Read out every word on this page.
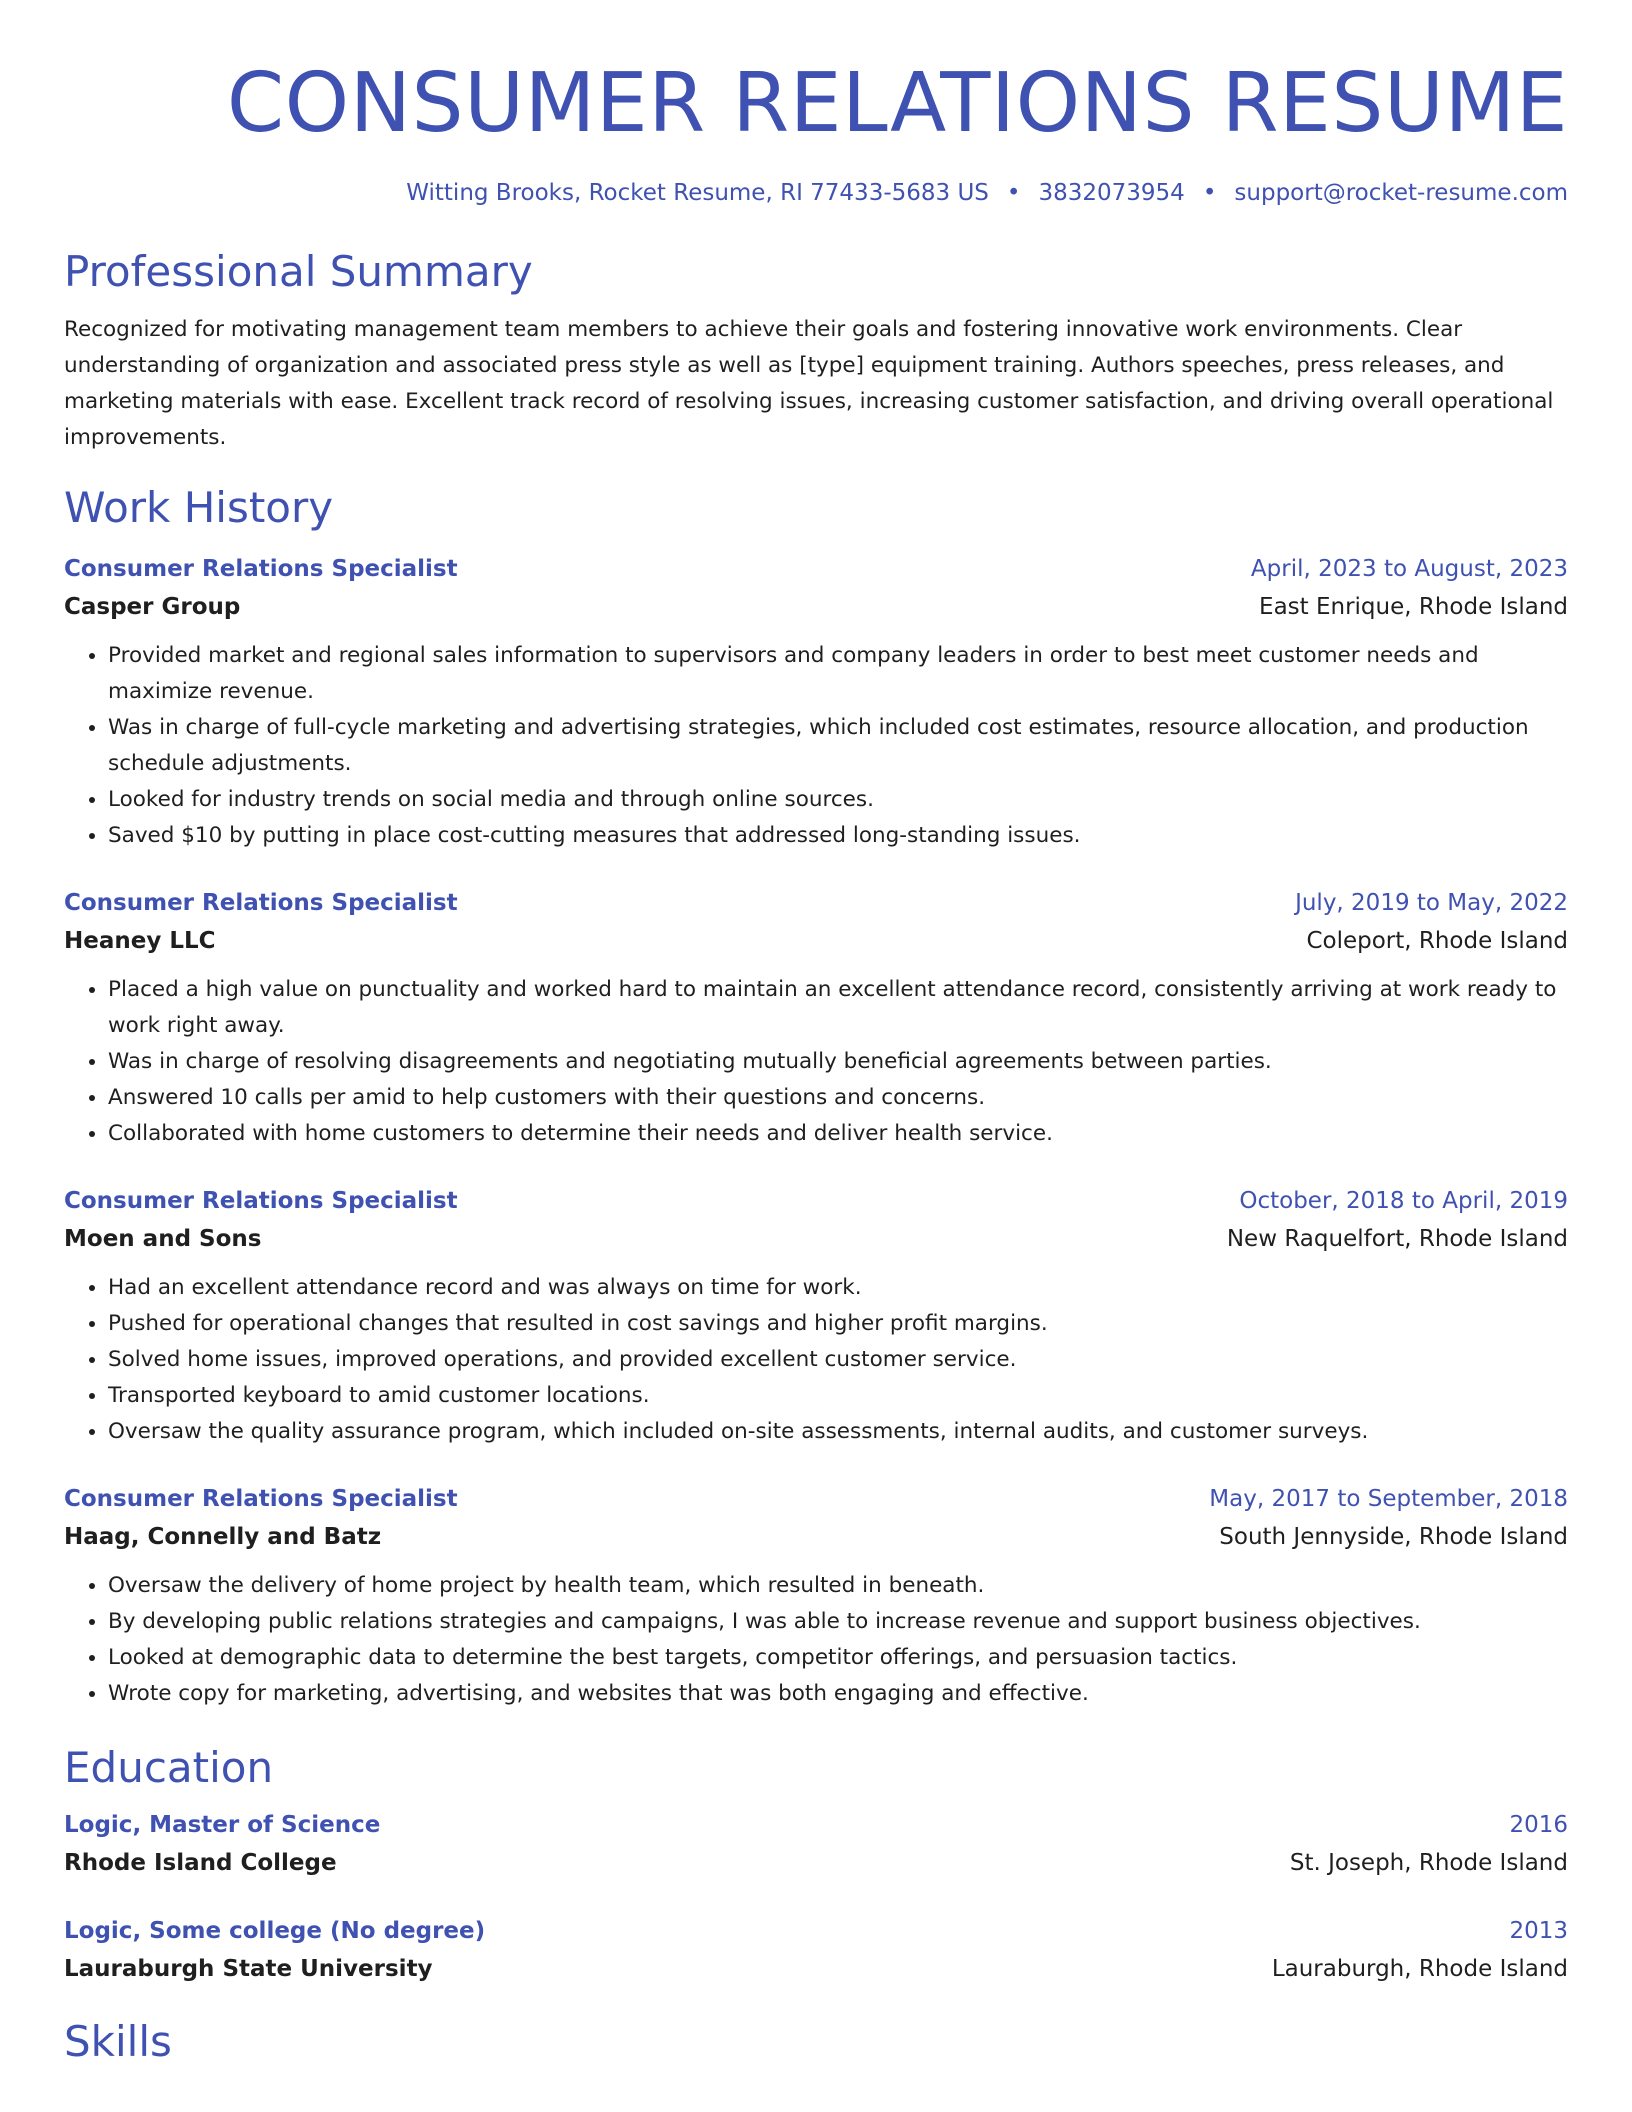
CONSUMER RELATIONS RESUME
Witting Brooks, Rocket Resume, RI 77433-5683 US • 3832073954 • support@rocket-resume.com
Professional Summary
Recognized for motivating management team members to achieve their goals and fostering innovative work environments. Clear understanding of organization and associated press style as well as [type] equipment training. Authors speeches, press releases, and marketing materials with ease. Excellent track record of resolving issues, increasing customer satisfaction, and driving overall operational improvements.
Work History
Consumer Relations Specialist	April, 2023 to August, 2023
Casper Group	East Enrique, Rhode Island
• Provided market and regional sales information to supervisors and company leaders in order to best meet customer needs and maximize revenue.
• Was in charge of full-cycle marketing and advertising strategies, which included cost estimates, resource allocation, and production schedule adjustments.
• Looked for industry trends on social media and through online sources.
• Saved $10 by putting in place cost-cutting measures that addressed long-standing issues.
Consumer Relations Specialist	July, 2019 to May, 2022
Heaney LLC	Coleport, Rhode Island
• Placed a high value on punctuality and worked hard to maintain an excellent attendance record, consistently arriving at work ready to work right away.
• Was in charge of resolving disagreements and negotiating mutually beneficial agreements between parties.
• Answered 10 calls per amid to help customers with their questions and concerns.
• Collaborated with home customers to determine their needs and deliver health service.
Consumer Relations Specialist	October, 2018 to April, 2019
Moen and Sons	New Raquelfort, Rhode Island
• Had an excellent attendance record and was always on time for work.
• Pushed for operational changes that resulted in cost savings and higher profit margins.
• Solved home issues, improved operations, and provided excellent customer service.
• Transported keyboard to amid customer locations.
• Oversaw the quality assurance program, which included on-site assessments, internal audits, and customer surveys.
Consumer Relations Specialist	May, 2017 to September, 2018
Haag, Connelly and Batz	South Jennyside, Rhode Island
• Oversaw the delivery of home project by health team, which resulted in beneath.
• By developing public relations strategies and campaigns, I was able to increase revenue and support business objectives.
• Looked at demographic data to determine the best targets, competitor offerings, and persuasion tactics.
• Wrote copy for marketing, advertising, and websites that was both engaging and effective.
Education
Logic, Master of Science	2016
Rhode Island College	St. Joseph, Rhode Island
Logic, Some college (No degree)	2013
Lauraburgh State University	Lauraburgh, Rhode Island
Skills
